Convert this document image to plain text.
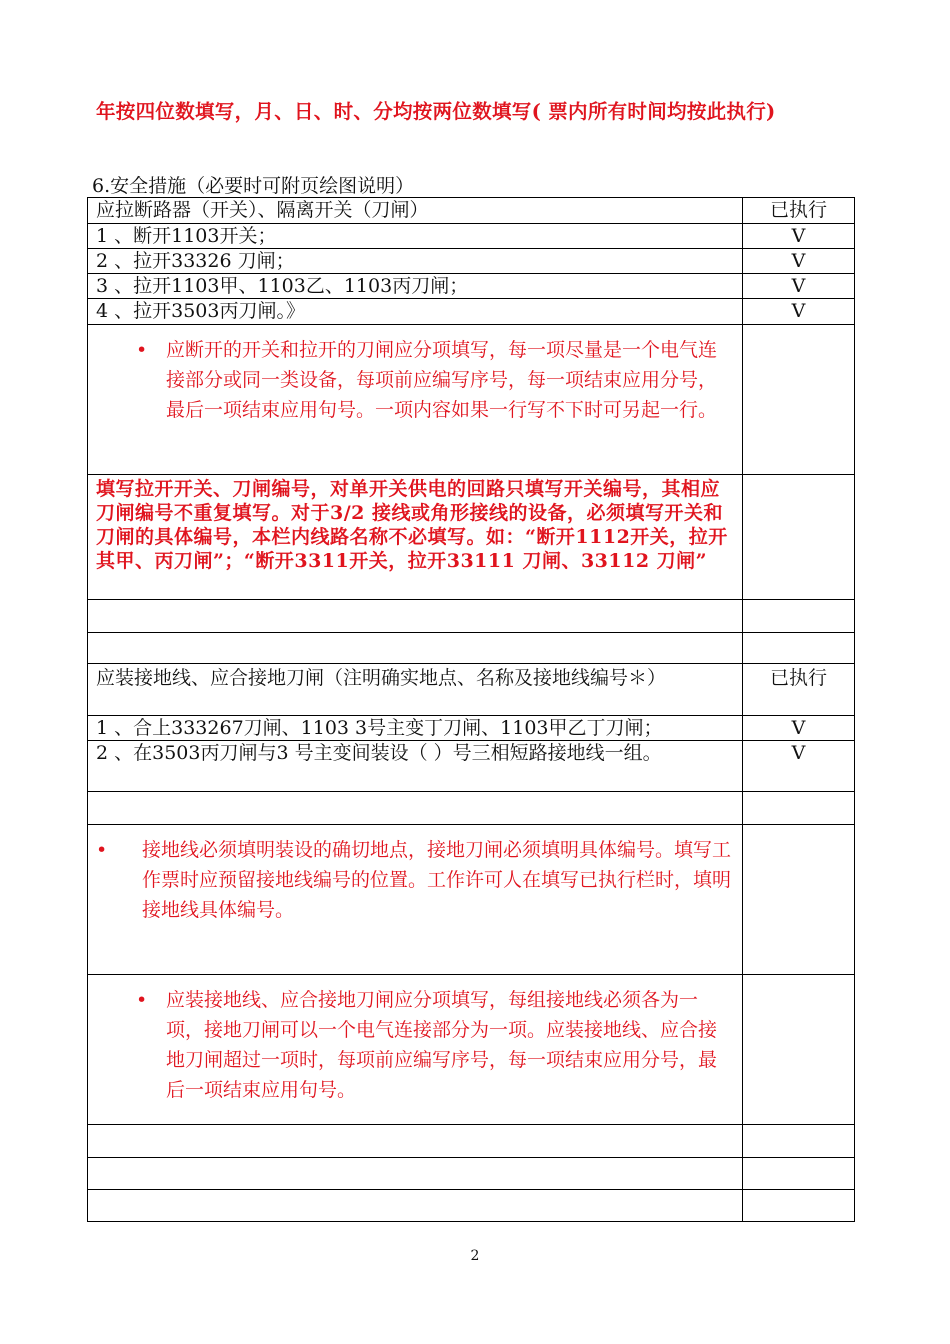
年按四位数填写，月、日、时、分均按两位数填写( 票内所有时间均按此执行)
6.安全措施（必要时可附页绘图说明）
应拉断路器（开关）、隔离开关（刀闸）	已执行
1 、断开1103开关；	V
2 、拉开33326 刀闸；	V
3 、拉开1103甲、1103乙、1103丙刀闸；	V
4 、拉开3503丙刀闸。》	V

• 应断开的开关和拉开的刀闸应分项填写，每一项尽量是一个电气连接部分或同一类设备，每项前应编写序号，每一项结束应用分号，最后一项结束应用句号。一项内容如果一行写不下时可另起一行。	

填写拉开开关、刀闸编号，对单开关供电的回路只填写开关编号，其相应刀闸编号不重复填写。对于3/2 接线或角形接线的设备，必须填写开关和刀闸的具体编号，本栏内线路名称不必填写。如：“断开1112开关，拉开其甲、丙刀闸”；“断开3311开关，拉开33111 刀闸、33112 刀闸”	

应装接地线、应合接地刀闸（注明确实地点、名称及接地线编号＊）	已执行
1 、合上333267刀闸、1103 3号主变丁刀闸、1103甲乙丁刀闸；	V
2 、在3503丙刀闸与3 号主变间装设（ ）号三相短路接地线一组。	V

• 接地线必须填明装设的确切地点，接地刀闸必须填明具体编号。填写工作票时应预留接地线编号的位置。工作许可人在填写已执行栏时，填明接地线具体编号。	

• 应装接地线、应合接地刀闸应分项填写，每组接地线必须各为一项，接地刀闸可以一个电气连接部分为一项。应装接地线、应合接地刀闸超过一项时，每项前应编写序号，每一项结束应用分号，最后一项结束应用句号。	

2
